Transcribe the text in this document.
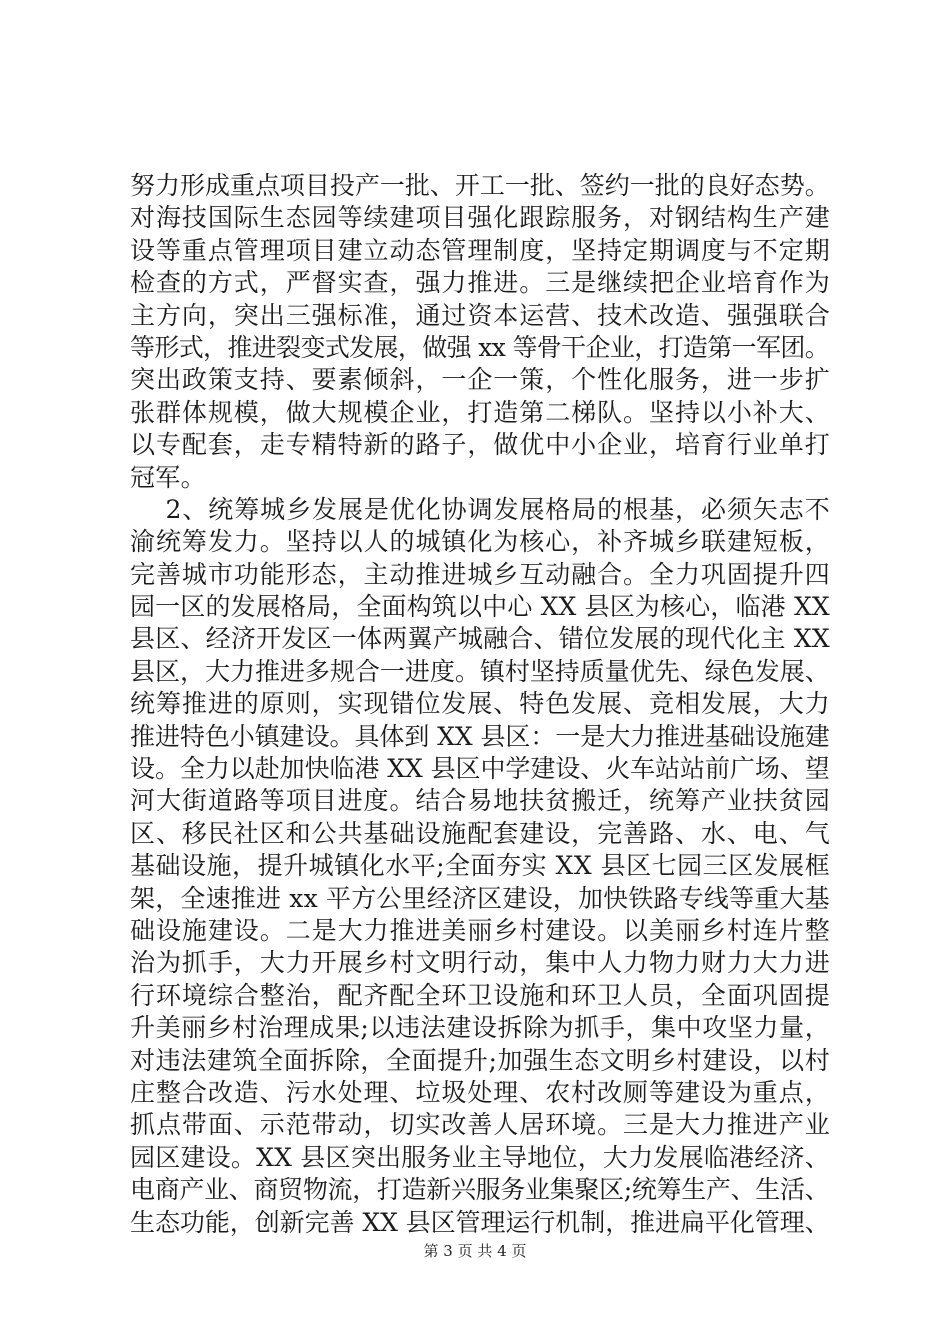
努力形成重点项目投产一批、开工一批、签约一批的良好态势。
对海技国际生态园等续建项目强化跟踪服务，对钢结构生产建
设等重点管理项目建立动态管理制度，坚持定期调度与不定期
检查的方式，严督实查，强力推进。三是继续把企业培育作为
主方向，突出三强标准，通过资本运营、技术改造、强强联合
等形式，推进裂变式发展，做强 xx 等骨干企业，打造第一军团。
突出政策支持、要素倾斜，一企一策，个性化服务，进一步扩
张群体规模，做大规模企业，打造第二梯队。坚持以小补大、
以专配套，走专精特新的路子，做优中小企业，培育行业单打
冠军。
2、统筹城乡发展是优化协调发展格局的根基，必须矢志不
渝统筹发力。坚持以人的城镇化为核心，补齐城乡联建短板，
完善城市功能形态，主动推进城乡互动融合。全力巩固提升四
园一区的发展格局，全面构筑以中心 XX 县区为核心，临港 XX
县区、经济开发区一体两翼产城融合、错位发展的现代化主 XX
县区，大力推进多规合一进度。镇村坚持质量优先、绿色发展、
统筹推进的原则，实现错位发展、特色发展、竞相发展，大力
推进特色小镇建设。具体到 XX 县区：一是大力推进基础设施建
设。全力以赴加快临港 XX 县区中学建设、火车站站前广场、望
河大街道路等项目进度。结合易地扶贫搬迁，统筹产业扶贫园
区、移民社区和公共基础设施配套建设，完善路、水、电、气
基础设施，提升城镇化水平;全面夯实 XX 县区七园三区发展框
架，全速推进 xx 平方公里经济区建设，加快铁路专线等重大基
础设施建设。二是大力推进美丽乡村建设。以美丽乡村连片整
治为抓手，大力开展乡村文明行动，集中人力物力财力大力进
行环境综合整治，配齐配全环卫设施和环卫人员，全面巩固提
升美丽乡村治理成果;以违法建设拆除为抓手，集中攻坚力量，
对违法建筑全面拆除，全面提升;加强生态文明乡村建设，以村
庄整合改造、污水处理、垃圾处理、农村改厕等建设为重点，
抓点带面、示范带动，切实改善人居环境。三是大力推进产业
园区建设。XX 县区突出服务业主导地位，大力发展临港经济、
电商产业、商贸物流，打造新兴服务业集聚区;统筹生产、生活、
生态功能，创新完善 XX 县区管理运行机制，推进扁平化管理、
第 3 页 共 4 页
